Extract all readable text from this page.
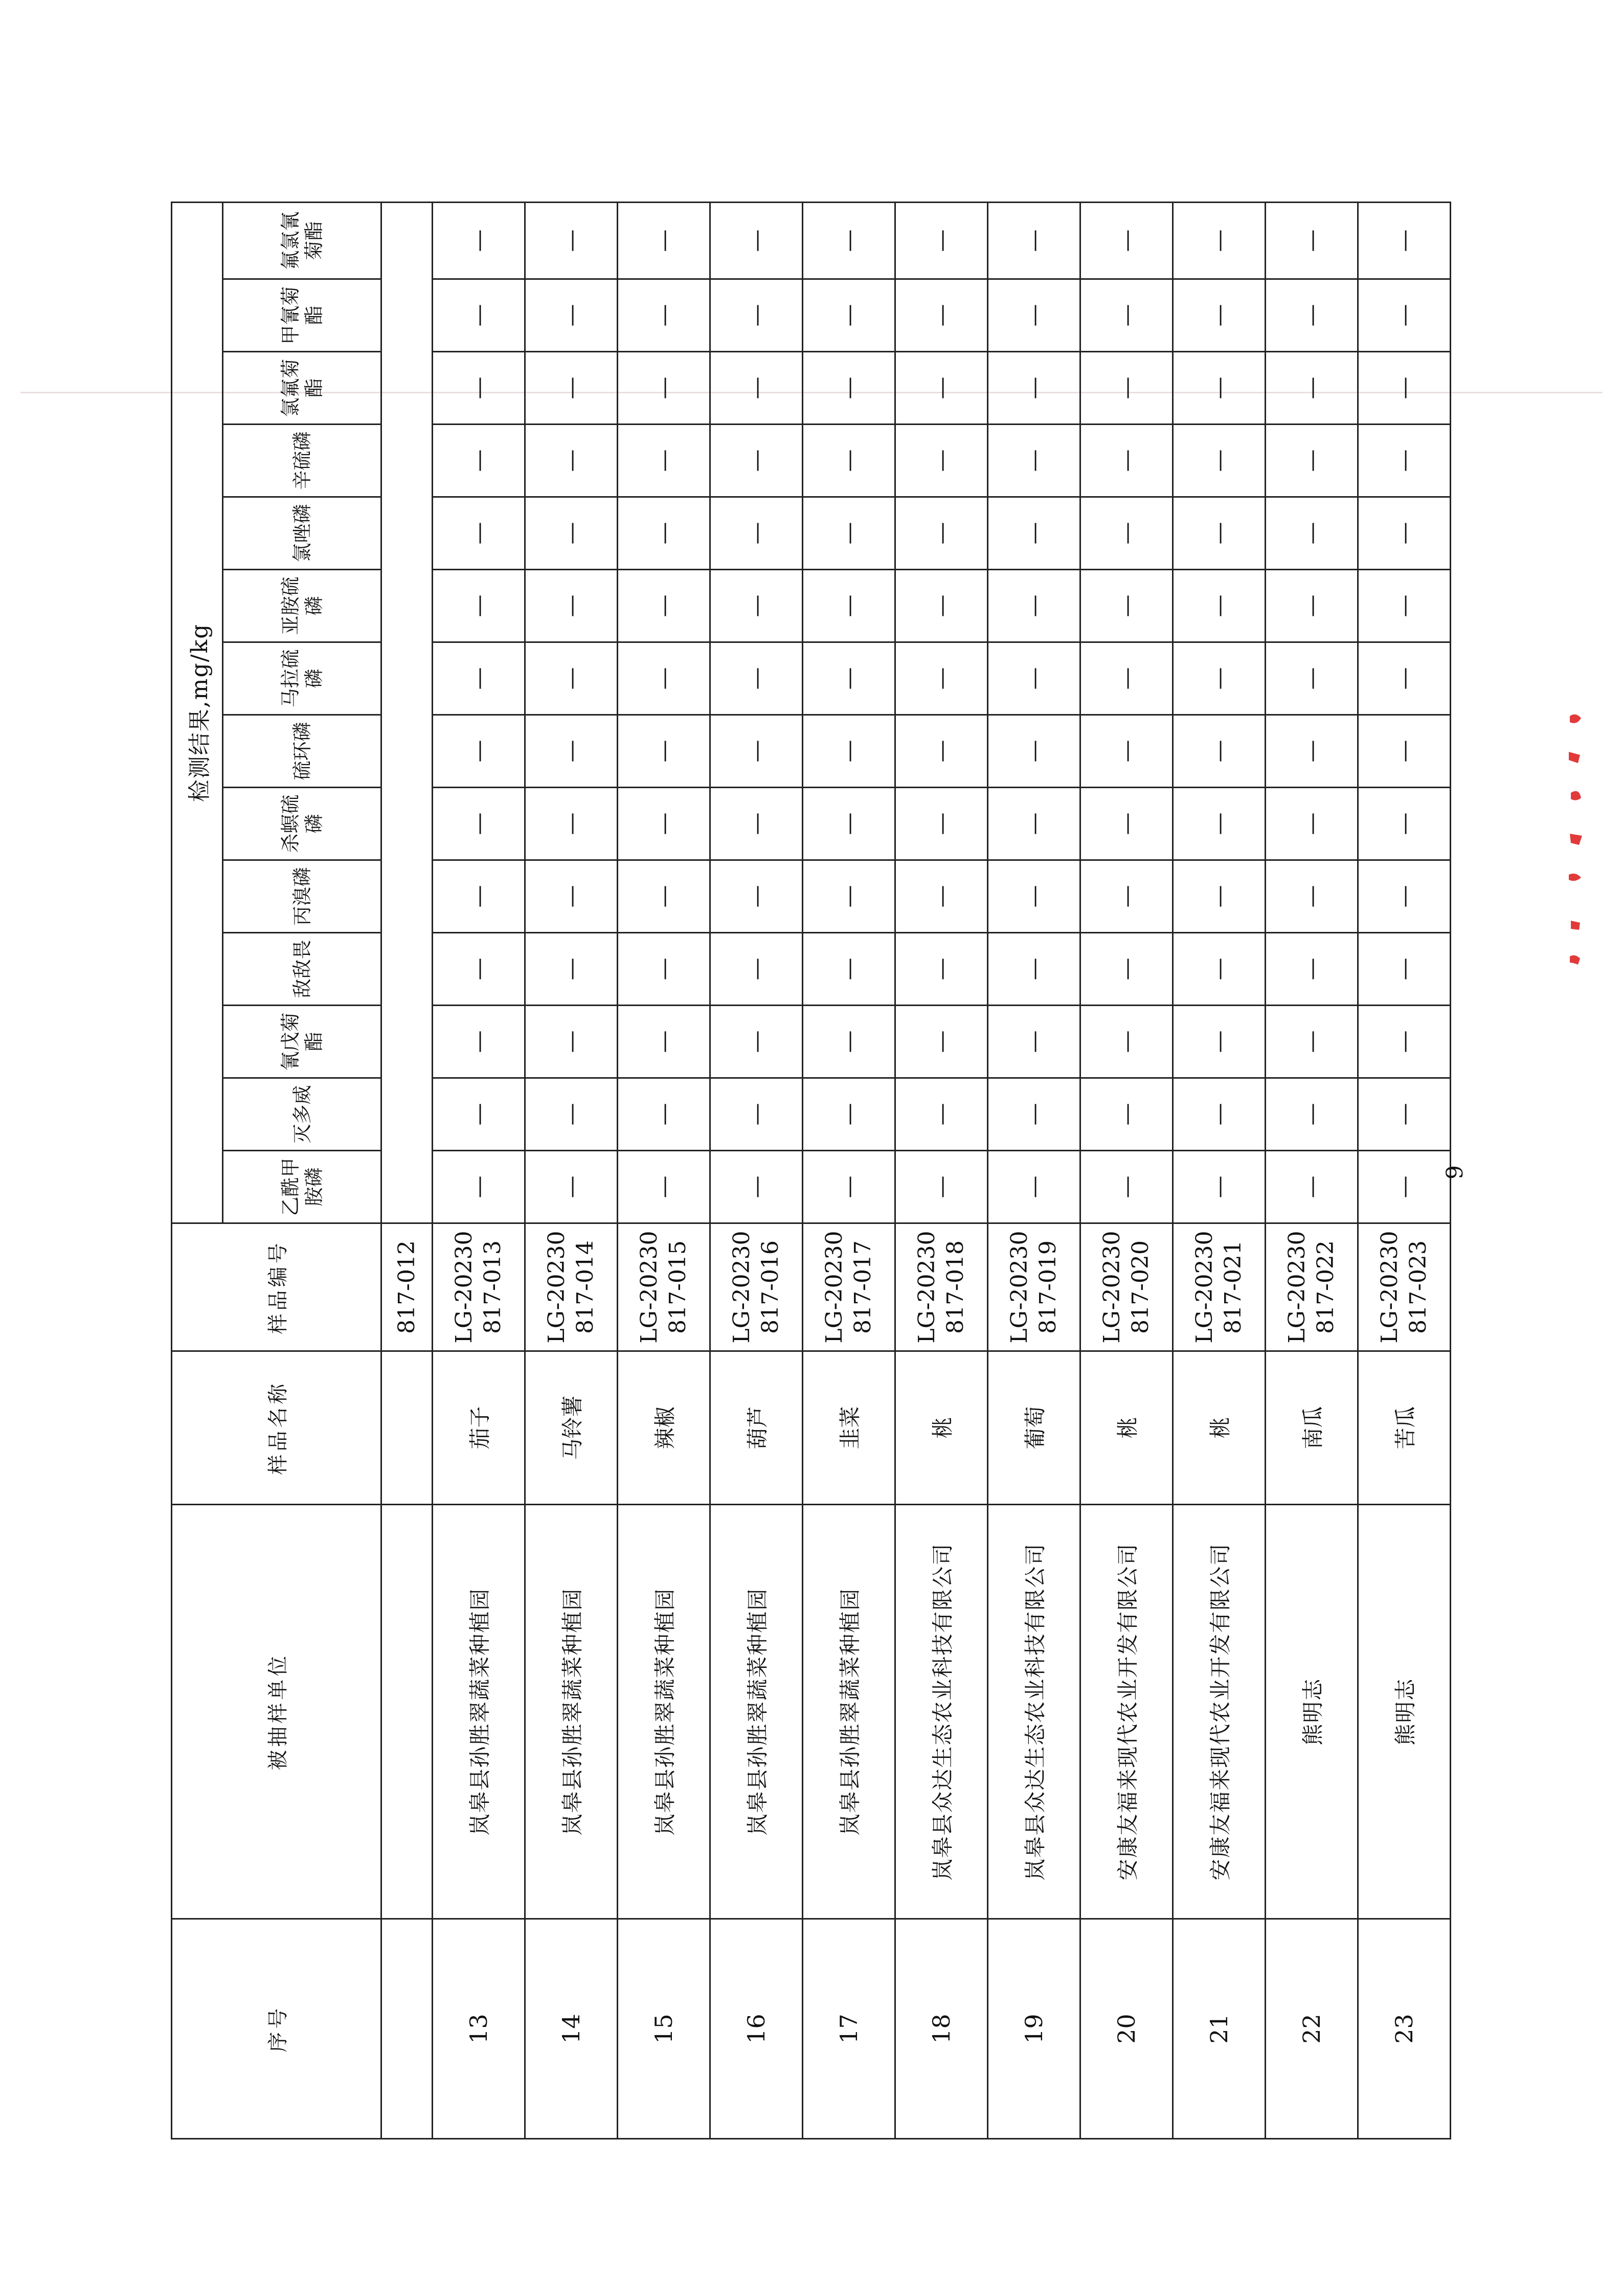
序号	被抽样单位	样品名称	样品编号	检测结果,mg/kg													
				乙酰甲胺磷	灭多威	氰戊菊酯	敌敌畏	丙溴磷	杀螟硫磷	硫环磷	马拉硫磷	亚胺硫磷	氯唑磷	辛硫磷	氯氟菊酯	甲氰菊酯	氟氯氰菊酯
			817-012														
13	岚皋县孙胜翠蔬菜种植园	茄子	LG-20230 817-013	—	—	—	—	—	—	—	—	—	—	—	—	—	—
14	岚皋县孙胜翠蔬菜种植园	马铃薯	LG-20230 817-014	—	—	—	—	—	—	—	—	—	—	—	—	—	—
15	岚皋县孙胜翠蔬菜种植园	辣椒	LG-20230 817-015	—	—	—	—	—	—	—	—	—	—	—	—	—	—
16	岚皋县孙胜翠蔬菜种植园	葫芦	LG-20230 817-016	—	—	—	—	—	—	—	—	—	—	—	—	—	—
17	岚皋县孙胜翠蔬菜种植园	韭菜	LG-20230 817-017	—	—	—	—	—	—	—	—	—	—	—	—	—	—
18	岚皋县众达生态农业科技有限公司	桃	LG-20230 817-018	—	—	—	—	—	—	—	—	—	—	—	—	—	—
19	岚皋县众达生态农业科技有限公司	葡萄	LG-20230 817-019	—	—	—	—	—	—	—	—	—	—	—	—	—	—
20	安康友福来现代农业开发有限公司	桃	LG-20230 817-020	—	—	—	—	—	—	—	—	—	—	—	—	—	—
21	安康友福来现代农业开发有限公司	桃	LG-20230 817-021	—	—	—	—	—	—	—	—	—	—	—	—	—	—
22	熊明志	南瓜	LG-20230 817-022	—	—	—	—	—	—	—	—	—	—	—	—	—	—
23	熊明志	苦瓜	LG-20230 817-023	—	—	—	—	—	—	—	—	—	—	—	—	—	—
9
